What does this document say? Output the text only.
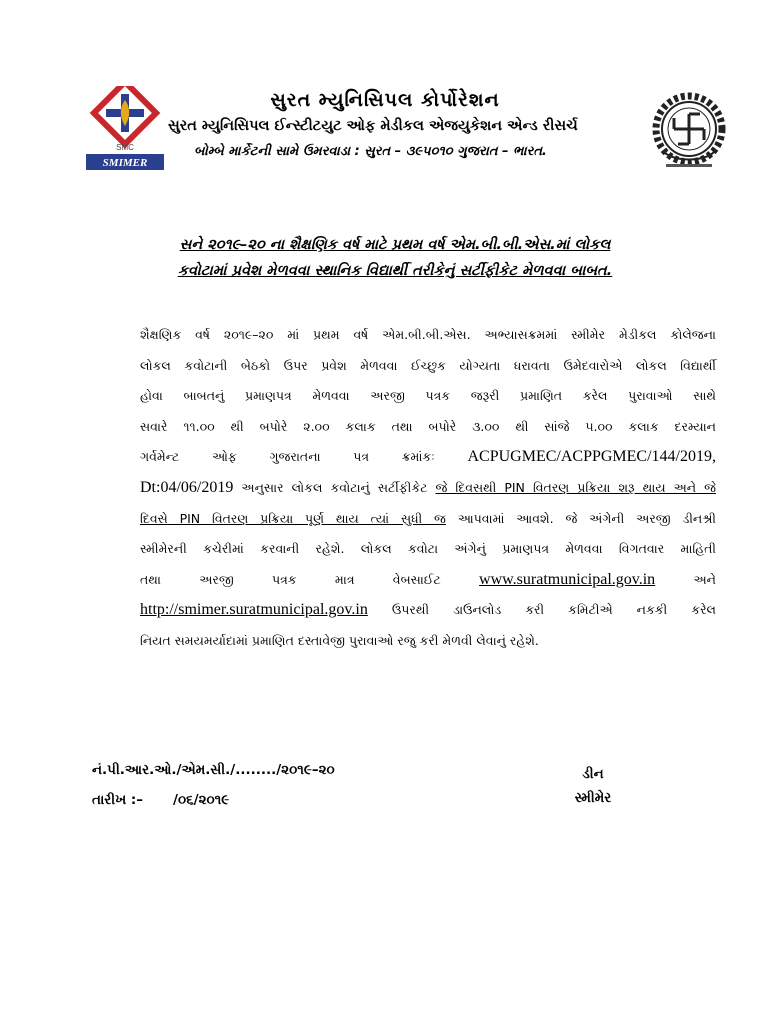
SMC
SMIMER
સુરત મ્યુનિસિપલ કોર્પોરેશન
સુરત મ્યુનિસિપલ ઈન્સ્ટીટયુટ ઓફ મેડીકલ એજયુકેશન એન્ડ રીસર્ચ
બોમ્બે માર્કેટની સામે ઉમરવાડા : સુરત – ૩૯૫૦૧૦ ગુજરાત – ભારત.
સને ૨૦૧૯–૨૦ ના શૈક્ષણિક વર્ષ માટે પ્રથમ વર્ષ એમ.બી.બી.એસ.માં લોકલ
કવોટામાં પ્રવેશ મેળવવા સ્થાનિક વિદ્યાર્થી તરીકેનું સર્ટીફીકેટ મેળવવા બાબત.
શૈક્ષણિક વર્ષ ૨૦૧૯–૨૦ માં પ્રથમ વર્ષ એમ.બી.બી.એસ. અભ્યાસક્રમમાં સ્મીમેર મેડીકલ કોલેજના
લોકલ કવોટાની બેઠકો ઉપર પ્રવેશ મેળવવા ઈચ્છુક યોગ્યતા ધરાવતા ઉમેદવારોએ લોકલ વિદ્યાર્થી
હોવા બાબતનું પ્રમાણપત્ર મેળવવા અરજી પત્રક જરૂરી પ્રમાણિત કરેલ પુરાવાઓ સાથે
સવારે ૧૧.૦૦ થી બપોરે ૨.૦૦ કલાક તથા બપોરે ૩.૦૦ થી સાંજે ૫.૦૦ કલાક દરમ્યાન
ગર્વમેન્ટ ઓફ ગુજરાતના પત્ર ક્રમાંકઃ ACPUGMEC/ACPPGMEC/144/2019,
Dt:04/06/2019 અનુસાર લોકલ કવોટાનું સર્ટીફીકેટ જે દિવસથી PIN વિતરણ પ્રક્રિયા શરૂ થાય અને જે
દિવસે PIN વિતરણ પ્રક્રિયા પૂર્ણ થાય ત્યાં સુધી જ આપવામાં આવશે. જે અંગેની અરજી ડીનશ્રી
સ્મીમેરની કચેરીમાં કરવાની રહેશે. લોકલ કવોટા અંગેનું પ્રમાણપત્ર મેળવવા વિગતવાર માહિતી
તથા અરજી પત્રક માત્ર વેબસાઈટ www.suratmunicipal.gov.in	અને
http://smimer.suratmunicipal.gov.in ઉપરથી ડાઉનલોડ કરી કમિટીએ નકકી કરેલ
નિયત સમયમર્યાદામાં પ્રમાણિત દસ્તાવેજી પુરાવાઓ રજુ કરી મેળવી લેવાનું રહેશે.
નં.પી.આર.ઓ./એમ.સી./......../૨૦૧૯–૨૦
તારીખ :– /૦૬/૨૦૧૯
ડીન
સ્મીમેર
